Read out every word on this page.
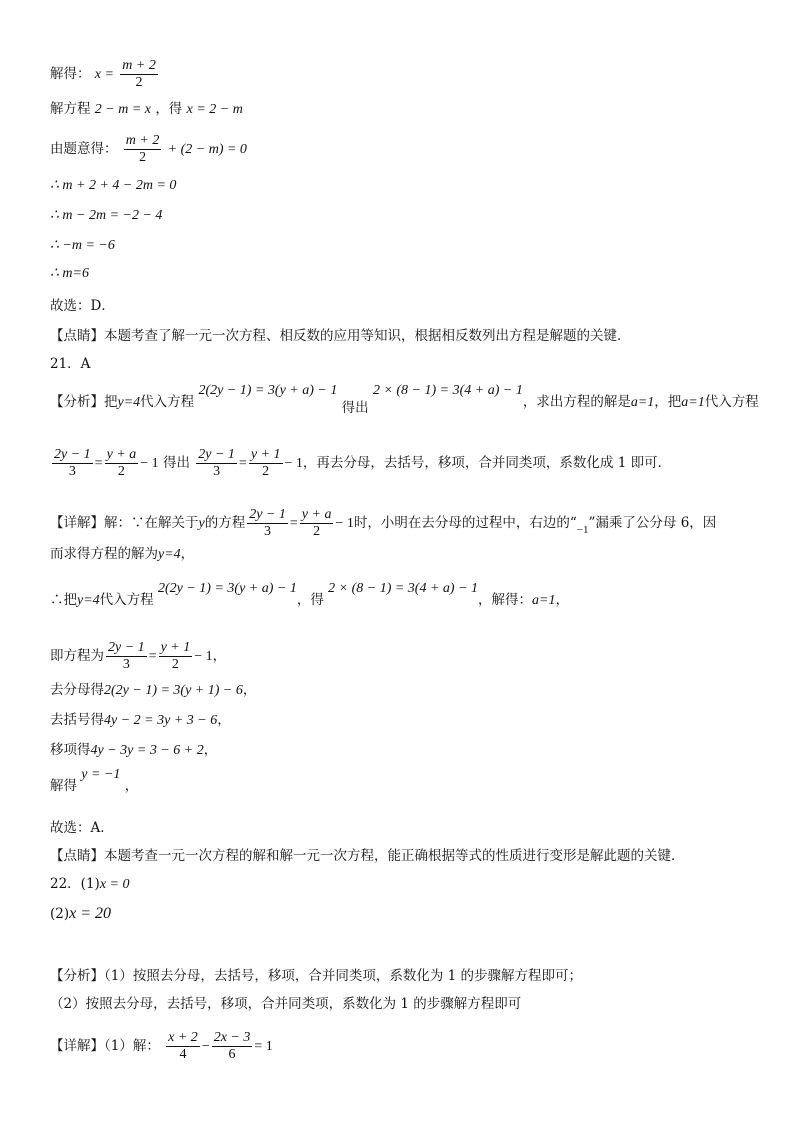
解得： $x = \frac{m + 2}{2}$
解方程 2 − m = x ，得 x = 2 − m
由题意得： $\frac{m + 2}{2} + (2 - m) = 0$
∴ m + 2 + 4 − 2m = 0
∴ m − 2m = −2 − 4
∴ −m = −6
∴ m=6
故选：D．
【点睛】本题考查了解一元一次方程、相反数的应用等知识，根据相反数列出方程是解题的关键．
21．A
【分析】把y=4代入方程 2(2y − 1) = 3(y + a) − 1 得出 2 × (8 − 1) = 3(4 + a) − 1，求出方程的解是a=1，把a=1代入方程
$\frac{2y - 1}{3} = \frac{y + a}{2} - 1$ 得出 $\frac{2y - 1}{3} = \frac{y + 1}{2} - 1$，再去分母，去括号，移项，合并同类项，系数化成 1 即可．
【详解】解：∵在解关于y的方程 $\frac{2y - 1}{3} = \frac{y + a}{2} - 1$时，小明在去分母的过程中，右边的“$_{-1}$”漏乘了公分母 6，因
而求得方程的解为y=4，
∴把y=4代入方程 2(2y − 1) = 3(y + a) − 1，得 2 × (8 − 1) = 3(4 + a) − 1，解得：a=1，
即方程为 $\frac{2y - 1}{3} = \frac{y + 1}{2} - 1$，
去分母得2(2y − 1) = 3(y + 1) − 6，
去括号得4y − 2 = 3y + 3 − 6，
移项得4y − 3y = 3 − 6 + 2，
解得 y = −1 ，
故选：A．
【点睛】本题考查一元一次方程的解和解一元一次方程，能正确根据等式的性质进行变形是解此题的关键．
22．(1)x = 0
(2)x = 20
【分析】（1）按照去分母，去括号，移项，合并同类项，系数化为 1 的步骤解方程即可；
（2）按照去分母，去括号，移项，合并同类项，系数化为 1 的步骤解方程即可
【详解】（1）解： $\frac{x + 2}{4} - \frac{2x - 3}{6} = 1$
